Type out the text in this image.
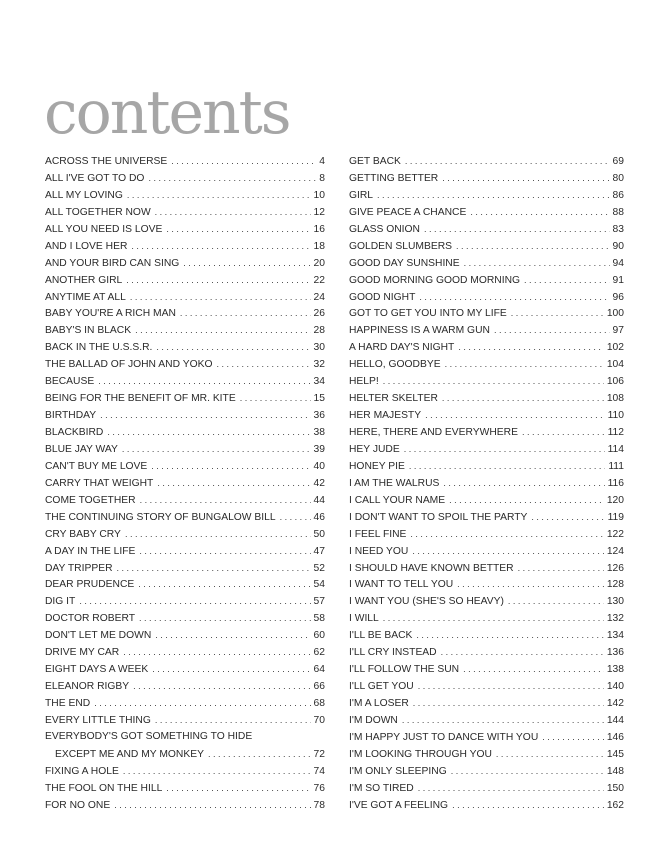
contents
ACROSS THE UNIVERSE . . .	4
ALL I'VE GOT TO DO . . .	8
ALL MY LOVING . . .	10
ALL TOGETHER NOW . . .	12
ALL YOU NEED IS LOVE . . .	16
AND I LOVE HER . . .	18
AND YOUR BIRD CAN SING . . .	20
ANOTHER GIRL . . .	22
ANYTIME AT ALL . . .	24
BABY YOU'RE A RICH MAN . . .	26
BABY'S IN BLACK . . .	28
BACK IN THE U.S.S.R. . . .	30
THE BALLAD OF JOHN AND YOKO . . .	32
BECAUSE . . .	34
BEING FOR THE BENEFIT OF MR. KITE . . .	15
BIRTHDAY . . .	36
BLACKBIRD . . .	38
BLUE JAY WAY . . .	39
CAN'T BUY ME LOVE . . .	40
CARRY THAT WEIGHT . . .	42
COME TOGETHER . . .	44
THE CONTINUING STORY OF BUNGALOW BILL . . .	46
CRY BABY CRY . . .	50
A DAY IN THE LIFE . . .	47
DAY TRIPPER . . .	52
DEAR PRUDENCE . . .	54
DIG IT . . .	57
DOCTOR ROBERT . . .	58
DON'T LET ME DOWN . . .	60
DRIVE MY CAR . . .	62
EIGHT DAYS A WEEK . . .	64
ELEANOR RIGBY . . .	66
THE END . . .	68
EVERY LITTLE THING . . .	70
EVERYBODY'S GOT SOMETHING TO HIDE
EXCEPT ME AND MY MONKEY . . .	72
FIXING A HOLE . . .	74
THE FOOL ON THE HILL . . .	76
FOR NO ONE . . .	78
GET BACK . . .	69
GETTING BETTER . . .	80
GIRL . . .	86
GIVE PEACE A CHANCE . . .	88
GLASS ONION . . .	83
GOLDEN SLUMBERS . . .	90
GOOD DAY SUNSHINE . . .	94
GOOD MORNING GOOD MORNING . . .	91
GOOD NIGHT . . .	96
GOT TO GET YOU INTO MY LIFE . . .	100
HAPPINESS IS A WARM GUN . . .	97
A HARD DAY'S NIGHT . . .	102
HELLO, GOODBYE . . .	104
HELP! . . .	106
HELTER SKELTER . . .	108
HER MAJESTY . . .	110
HERE, THERE AND EVERYWHERE . . .	112
HEY JUDE . . .	114
HONEY PIE . . .	111
I AM THE WALRUS . . .	116
I CALL YOUR NAME . . .	120
I DON'T WANT TO SPOIL THE PARTY . . .	119
I FEEL FINE . . .	122
I NEED YOU . . .	124
I SHOULD HAVE KNOWN BETTER . . .	126
I WANT TO TELL YOU . . .	128
I WANT YOU (SHE'S SO HEAVY) . . .	130
I WILL . . .	132
I'LL BE BACK . . .	134
I'LL CRY INSTEAD . . .	136
I'LL FOLLOW THE SUN . . .	138
I'LL GET YOU . . .	140
I'M A LOSER . . .	142
I'M DOWN . . .	144
I'M HAPPY JUST TO DANCE WITH YOU . . .	146
I'M LOOKING THROUGH YOU . . .	145
I'M ONLY SLEEPING . . .	148
I'M SO TIRED . . .	150
I'VE GOT A FEELING . . .	162
